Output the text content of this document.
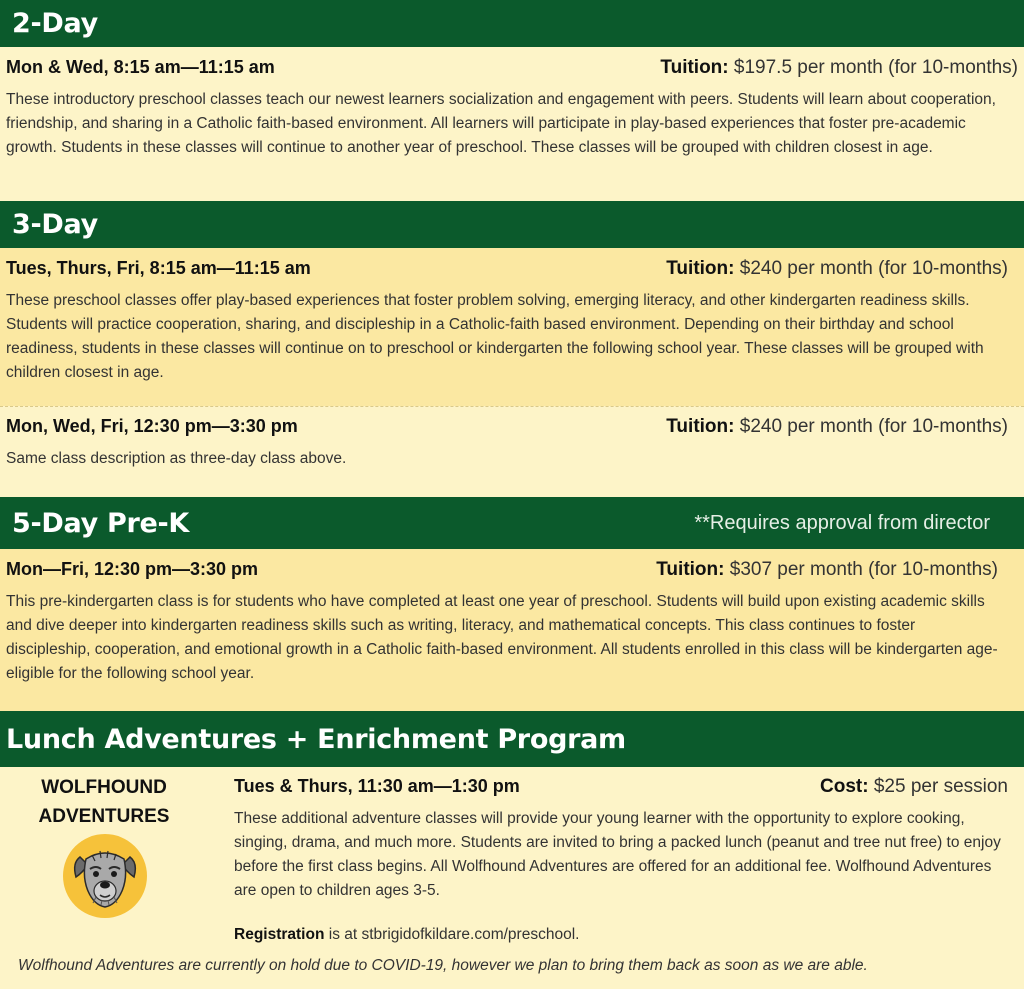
2-Day
Mon & Wed, 8:15 am—11:15 am	Tuition: $197.5 per month (for 10-months)

These introductory preschool classes teach our newest learners socialization and engagement with peers. Students will learn about cooperation, friendship, and sharing in a Catholic faith-based environment. All learners will participate in play-based experiences that foster pre-academic growth. Students in these classes will continue to another year of preschool. These classes will be grouped with children closest in age.

3-Day
Tues, Thurs, Fri, 8:15 am—11:15 am	Tuition: $240 per month (for 10-months)

These preschool classes offer play-based experiences that foster problem solving, emerging literacy, and other kindergarten readiness skills. Students will practice cooperation, sharing, and discipleship in a Catholic-faith based environment. Depending on their birthday and school readiness, students in these classes will continue on to preschool or kindergarten the following school year. These classes will be grouped with children closest in age.

Mon, Wed, Fri, 12:30 pm—3:30 pm	Tuition: $240 per month (for 10-months)

Same class description as three-day class above.

5-Day Pre-K	**Requires approval from director
Mon—Fri, 12:30 pm—3:30 pm	Tuition: $307 per month (for 10-months)

This pre-kindergarten class is for students who have completed at least one year of preschool. Students will build upon existing academic skills and dive deeper into kindergarten readiness skills such as writing, literacy, and mathematical concepts. This class continues to foster discipleship, cooperation, and emotional growth in a Catholic faith-based environment. All students enrolled in this class will be kindergarten age-eligible for the following school year.

Lunch Adventures + Enrichment Program
WOLFHOUND
ADVENTURES
Tues & Thurs, 11:30 am—1:30 pm	Cost: $25 per session

These additional adventure classes will provide your young learner with the opportunity to explore cooking, singing, drama, and much more. Students are invited to bring a packed lunch (peanut and tree nut free) to enjoy before the first class begins. All Wolfhound Adventures are offered for an additional fee. Wolfhound Adventures are open to children ages 3-5.

Registration is at stbrigidofkildare.com/preschool.

Wolfhound Adventures are currently on hold due to COVID-19, however we plan to bring them back as soon as we are able.
